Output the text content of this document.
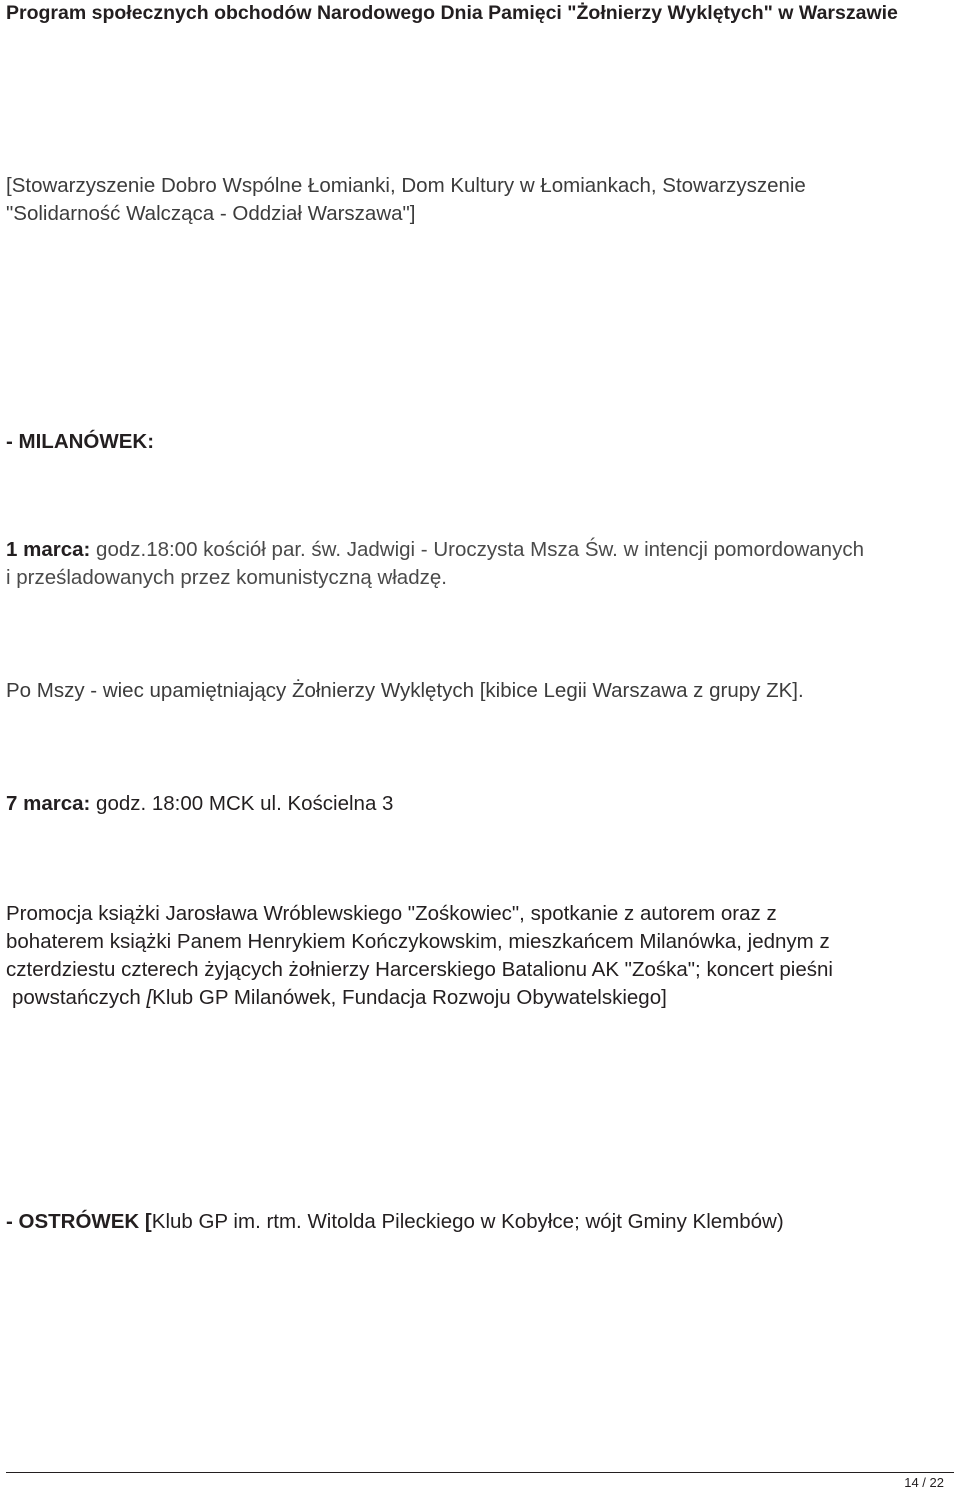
Program społecznych obchodów Narodowego Dnia Pamięci "Żołnierzy Wyklętych" w Warszawie
[Stowarzyszenie Dobro Wspólne Łomianki, Dom Kultury w Łomiankach, Stowarzyszenie
"Solidarność Walcząca - Oddział Warszawa"]
- MILANÓWEK:
1 marca: godz.18:00 kościół par. św. Jadwigi - Uroczysta Msza Św. w intencji pomordowanych
i prześladowanych przez komunistyczną władzę.
Po Mszy - wiec upamiętniający Żołnierzy Wyklętych [kibice Legii Warszawa z grupy ZK].
7 marca: godz. 18:00 MCK ul. Kościelna 3
Promocja książki Jarosława Wróblewskiego "Zośkowiec", spotkanie z autorem oraz z
bohaterem książki Panem Henrykiem Kończykowskim, mieszkańcem Milanówka, jednym z
czterdziestu czterech żyjących żołnierzy Harcerskiego Batalionu AK "Zośka"; koncert pieśni
powstańczych [Klub GP Milanówek, Fundacja Rozwoju Obywatelskiego]
- OSTRÓWEK [Klub GP im. rtm. Witolda Pileckiego w Kobyłce; wójt Gminy Klembów)
14 / 22
